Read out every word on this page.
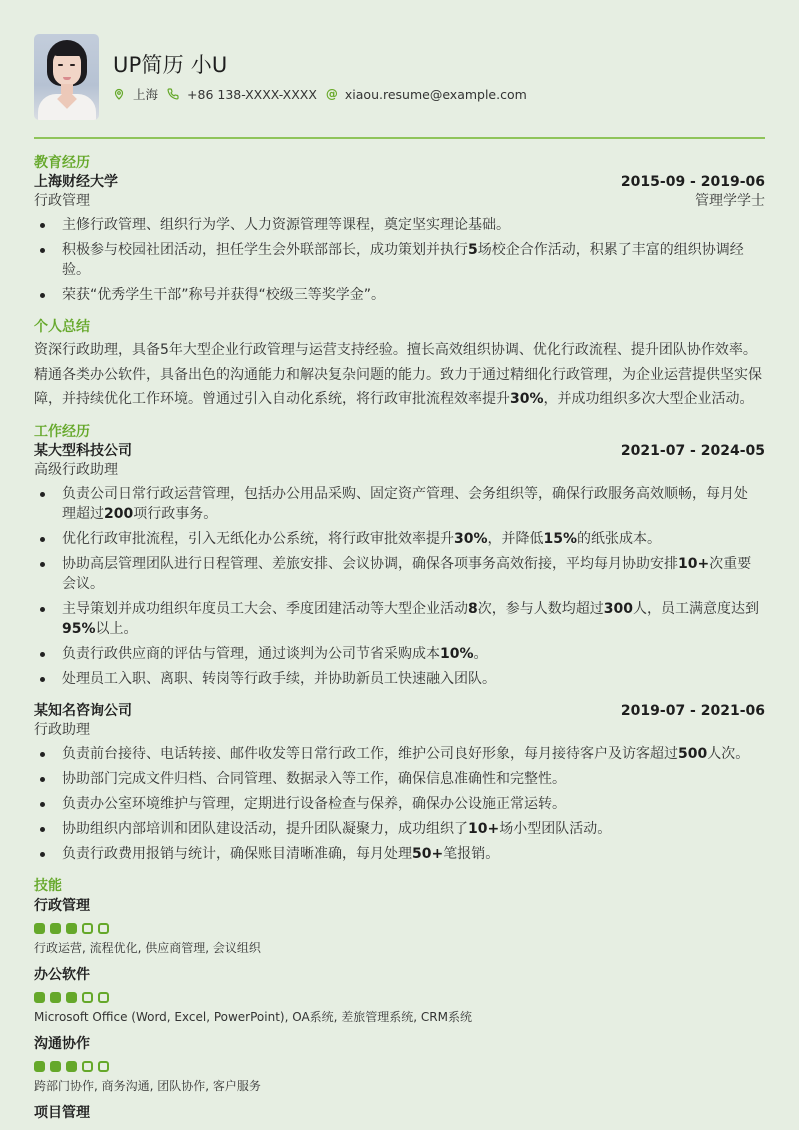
UP简历 小U
上海 +86 138-XXXX-XXXX @ xiaou.resume@example.com
教育经历
上海财经大学	2015-09 - 2019-06
行政管理	管理学学士
主修行政管理、组织行为学、人力资源管理等课程，奠定坚实理论基础。
积极参与校园社团活动，担任学生会外联部部长，成功策划并执行5场校企合作活动，积累了丰富的组织协调经验。
荣获“优秀学生干部”称号并获得“校级三等奖学金”。
个人总结
资深行政助理，具备5年大型企业行政管理与运营支持经验。擅长高效组织协调、优化行政流程、提升团队协作效率。精通各类办公软件，具备出色的沟通能力和解决复杂问题的能力。致力于通过精细化行政管理，为企业运营提供坚实保障，并持续优化工作环境。曾通过引入自动化系统，将行政审批流程效率提升30%，并成功组织多次大型企业活动。
工作经历
某大型科技公司	2021-07 - 2024-05
高级行政助理
负责公司日常行政运营管理，包括办公用品采购、固定资产管理、会务组织等，确保行政服务高效顺畅，每月处理超过200项行政事务。
优化行政审批流程，引入无纸化办公系统，将行政审批效率提升30%，并降低15%的纸张成本。
协助高层管理团队进行日程管理、差旅安排、会议协调，确保各项事务高效衔接，平均每月协助安排10+次重要会议。
主导策划并成功组织年度员工大会、季度团建活动等大型企业活动8次，参与人数均超过300人，员工满意度达到95%以上。
负责行政供应商的评估与管理，通过谈判为公司节省采购成本10%。
处理员工入职、离职、转岗等行政手续，并协助新员工快速融入团队。
某知名咨询公司	2019-07 - 2021-06
行政助理
负责前台接待、电话转接、邮件收发等日常行政工作，维护公司良好形象，每月接待客户及访客超过500人次。
协助部门完成文件归档、合同管理、数据录入等工作，确保信息准确性和完整性。
负责办公室环境维护与管理，定期进行设备检查与保养，确保办公设施正常运转。
协助组织内部培训和团队建设活动，提升团队凝聚力，成功组织了10+场小型团队活动。
负责行政费用报销与统计，确保账目清晰准确，每月处理50+笔报销。
技能
行政管理
行政运营, 流程优化, 供应商管理, 会议组织
办公软件
Microsoft Office (Word, Excel, PowerPoint), OA系统, 差旅管理系统, CRM系统
沟通协作
跨部门协作, 商务沟通, 团队协作, 客户服务
项目管理
